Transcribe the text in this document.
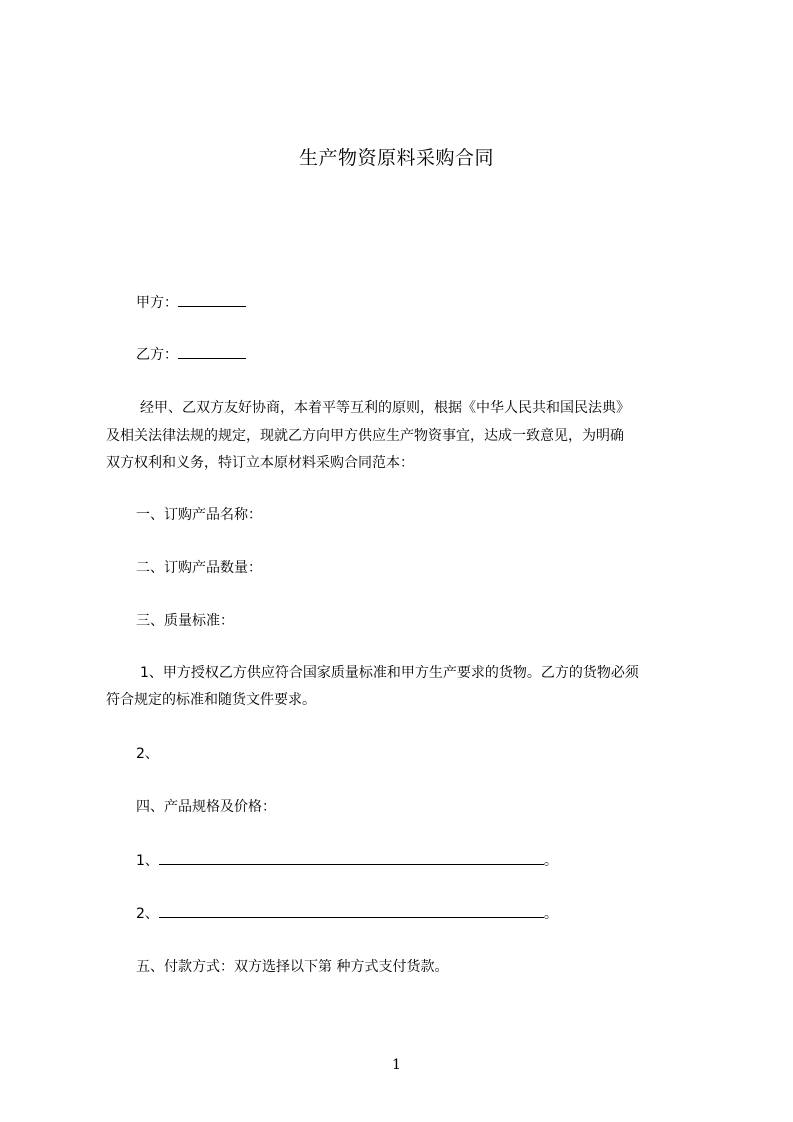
生产物资原料采购合同
甲方：
乙方：
经甲、乙双方友好协商，本着平等互利的原则，根据《中华人民共和国民法典》
及相关法律法规的规定，现就乙方向甲方供应生产物资事宜，达成一致意见，为明确
双方权利和义务，特订立本原材料采购合同范本：
一、订购产品名称：
二、订购产品数量：
三、质量标准：
1、甲方授权乙方供应符合国家质量标准和甲方生产要求的货物。乙方的货物必须
符合规定的标准和随货文件要求。
2、
四、产品规格及价格：
1、	。
2、	。
五、付款方式：双方选择以下第 种方式支付货款。
1
